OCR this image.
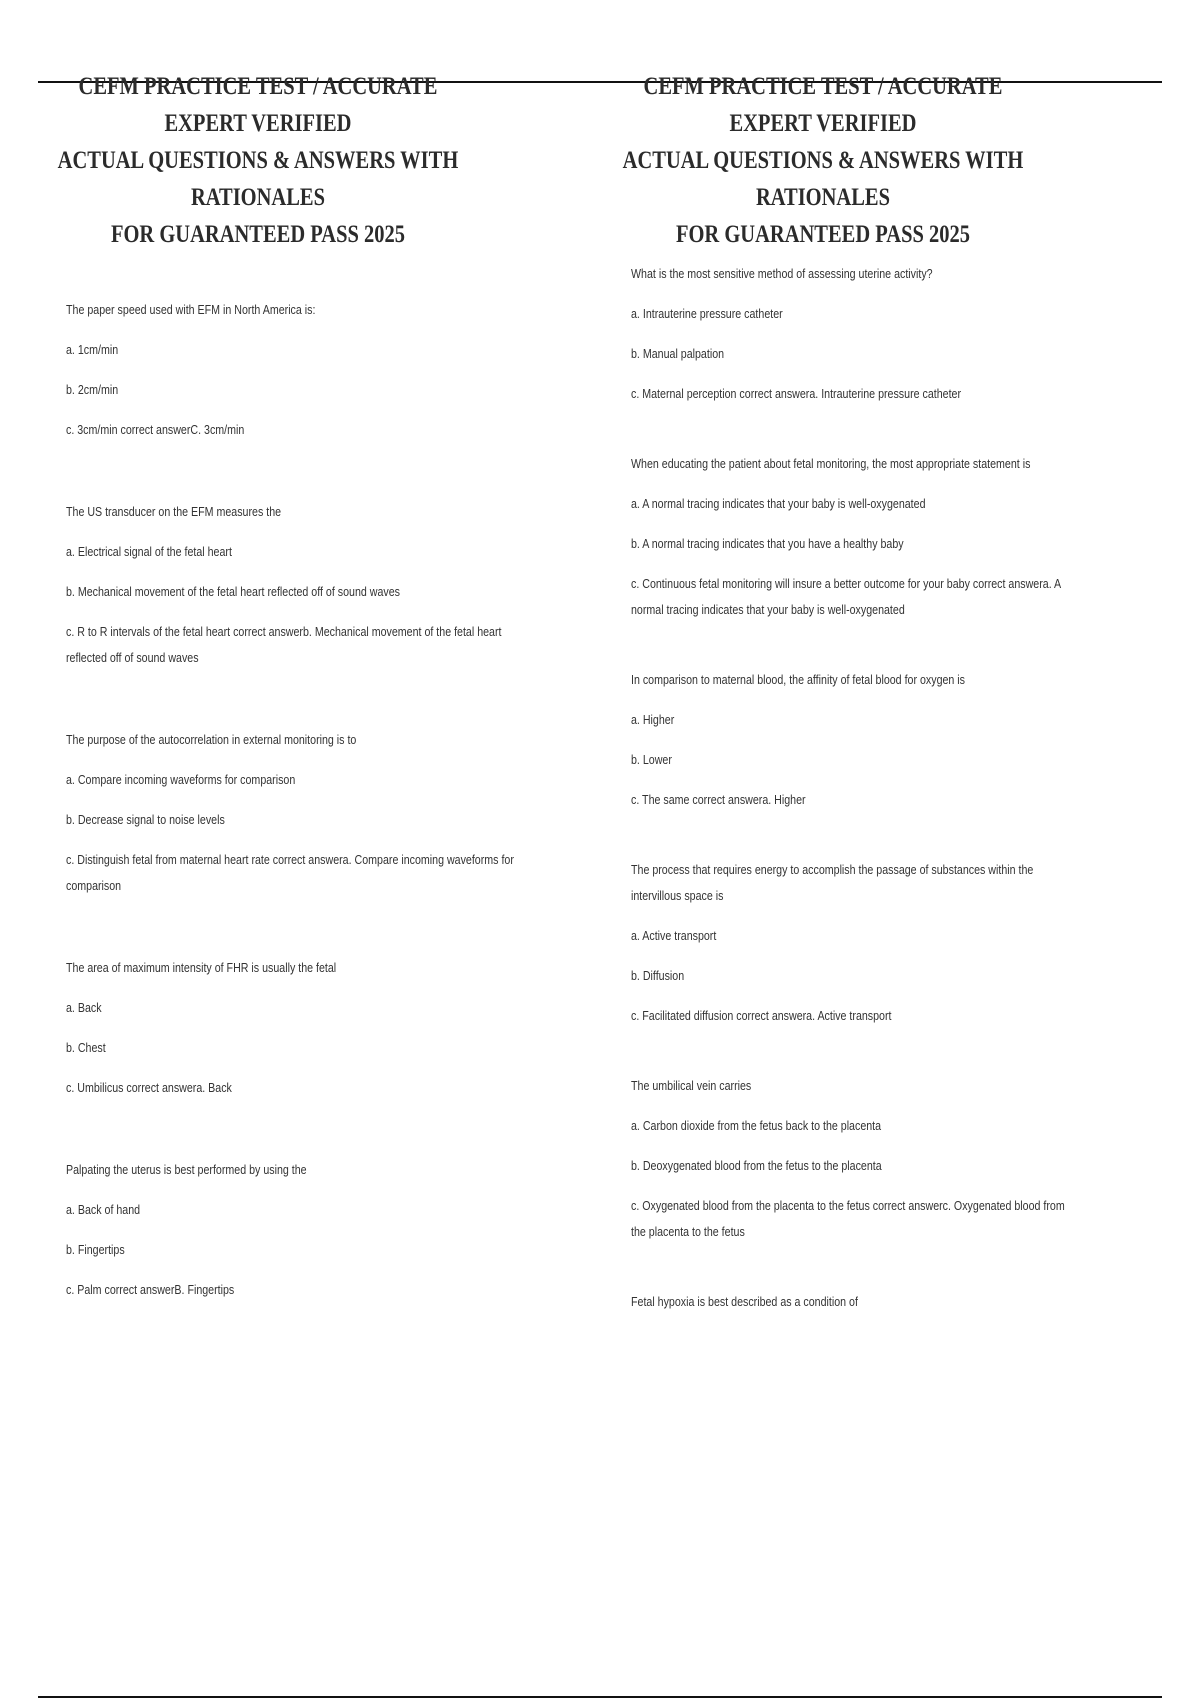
CEFM PRACTICE TEST / ACCURATE EXPERT VERIFIED
ACTUAL QUESTIONS & ANSWERS WITH RATIONALES
FOR GUARANTEED PASS 2025

The paper speed used with EFM in North America is:

a. 1cm/min

b. 2cm/min

c. 3cm/min correct answerC. 3cm/min

The US transducer on the EFM measures the

a. Electrical signal of the fetal heart

b. Mechanical movement of the fetal heart reflected off of sound waves

c. R to R intervals of the fetal heart correct answerb. Mechanical movement of the fetal heart reflected off of sound waves

The purpose of the autocorrelation in external monitoring is to

a. Compare incoming waveforms for comparison

b. Decrease signal to noise levels

c. Distinguish fetal from maternal heart rate correct answera. Compare incoming waveforms for comparison

The area of maximum intensity of FHR is usually the fetal

a. Back

b. Chest

c. Umbilicus correct answera. Back

Palpating the uterus is best performed by using the

a. Back of hand

b. Fingertips

c. Palm correct answerB. Fingertips

CEFM PRACTICE TEST / ACCURATE EXPERT VERIFIED
ACTUAL QUESTIONS & ANSWERS WITH RATIONALES
FOR GUARANTEED PASS 2025

What is the most sensitive method of assessing uterine activity?

a. Intrauterine pressure catheter

b. Manual palpation

c. Maternal perception correct answera. Intrauterine pressure catheter

When educating the patient about fetal monitoring, the most appropriate statement is

a. A normal tracing indicates that your baby is well-oxygenated

b. A normal tracing indicates that you have a healthy baby

c. Continuous fetal monitoring will insure a better outcome for your baby correct answera. A normal tracing indicates that your baby is well-oxygenated

In comparison to maternal blood, the affinity of fetal blood for oxygen is

a. Higher

b. Lower

c. The same correct answera. Higher

The process that requires energy to accomplish the passage of substances within the intervillous space is

a. Active transport

b. Diffusion

c. Facilitated diffusion correct answera. Active transport

The umbilical vein carries

a. Carbon dioxide from the fetus back to the placenta

b. Deoxygenated blood from the fetus to the placenta

c. Oxygenated blood from the placenta to the fetus correct answerc. Oxygenated blood from the placenta to the fetus

Fetal hypoxia is best described as a condition of
